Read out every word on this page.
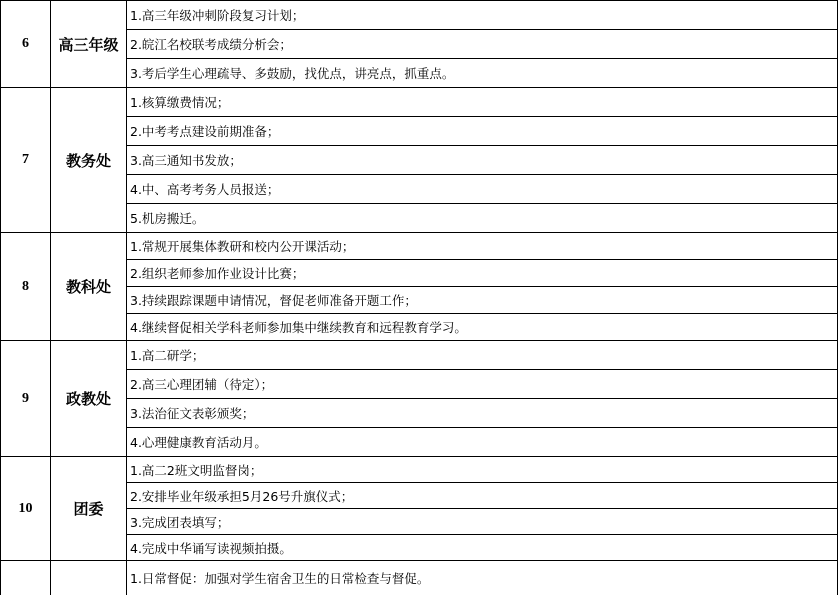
6	高三年级	1.高三年级冲刺阶段复习计划；
		2.皖江名校联考成绩分析会；
		3.考后学生心理疏导、多鼓励，找优点，讲亮点，抓重点。
7	教务处	1.核算缴费情况；
		2.中考考点建设前期准备；
		3.高三通知书发放；
		4.中、高考考务人员报送；
		5.机房搬迁。
8	教科处	1.常规开展集体教研和校内公开课活动；
		2.组织老师参加作业设计比赛；
		3.持续跟踪课题申请情况，督促老师准备开题工作；
		4.继续督促相关学科老师参加集中继续教育和远程教育学习。
9	政教处	1.高二研学；
		2.高三心理团辅（待定）；
		3.法治征文表彰颁奖；
		4.心理健康教育活动月。
10	团委	1.高二2班文明监督岗；
		2.安排毕业年级承担5月26号升旗仪式；
		3.完成团表填写；
		4.完成中华诵写读视频拍摄。
		1.日常督促：加强对学生宿舍卫生的日常检查与督促。
